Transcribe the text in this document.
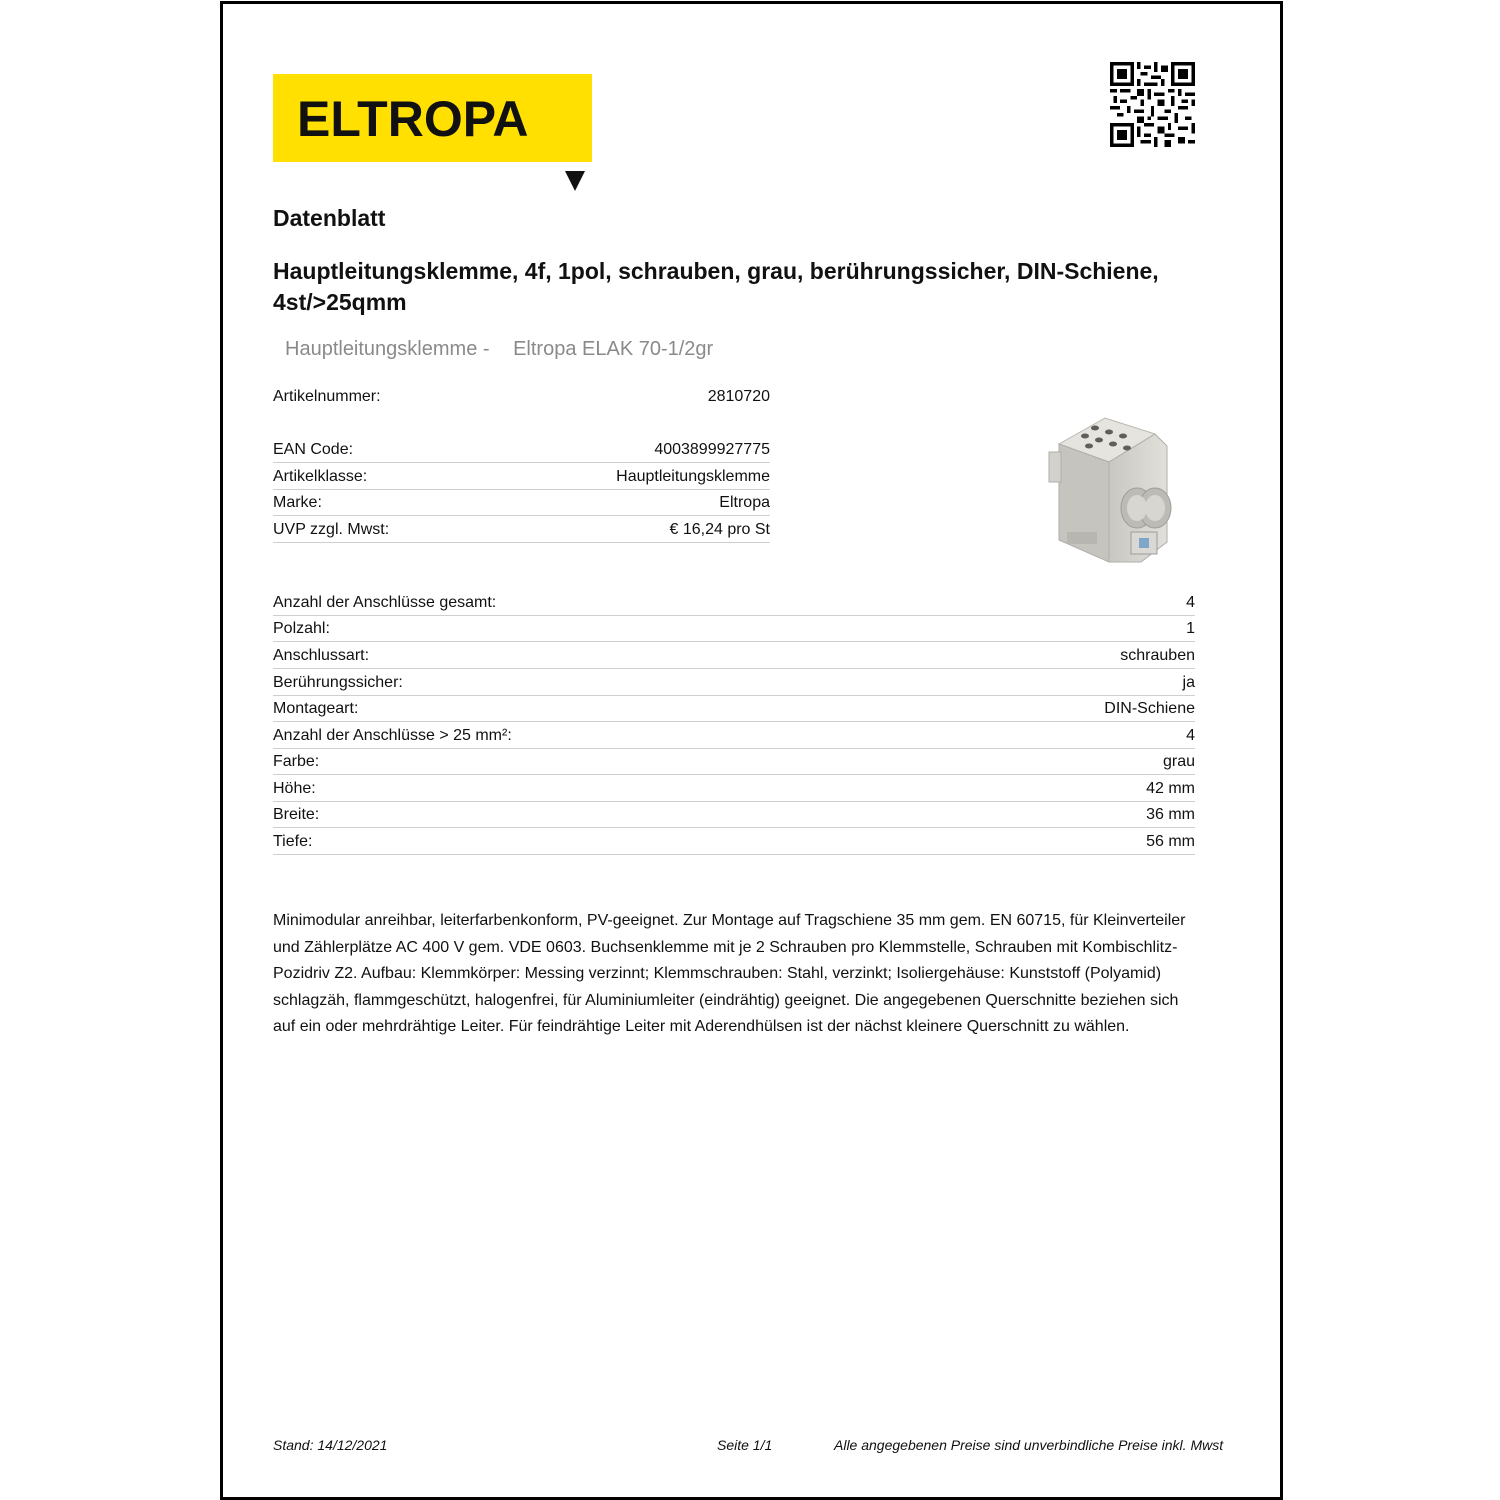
ELTROPA
Datenblatt
Hauptleitungsklemme, 4f, 1pol, schrauben, grau, berührungssicher, DIN-Schiene, 4st/>25qmm
Hauptleitungsklemme - Eltropa ELAK 70-1/2gr
Artikelnummer:	2810720
EAN Code:	4003899927775
Artikelklasse:	Hauptleitungsklemme
Marke:	Eltropa
UVP zzgl. Mwst:	€ 16,24 pro St
Anzahl der Anschlüsse gesamt:	4
Polzahl:	1
Anschlussart:	schrauben
Berührungssicher:	ja
Montageart:	DIN-Schiene
Anzahl der Anschlüsse > 25 mm²:	4
Farbe:	grau
Höhe:	42 mm
Breite:	36 mm
Tiefe:	56 mm
Minimodular anreihbar, leiterfarbenkonform, PV-geeignet. Zur Montage auf Tragschiene 35 mm gem. EN 60715, für Kleinverteiler und Zählerplätze AC 400 V gem. VDE 0603. Buchsenklemme mit je 2 Schrauben pro Klemmstelle, Schrauben mit Kombischlitz-Pozidriv Z2. Aufbau: Klemmkörper: Messing verzinnt; Klemmschrauben: Stahl, verzinkt; Isoliergehäuse: Kunststoff (Polyamid) schlagzäh, flammgeschützt, halogenfrei, für Aluminiumleiter (eindrähtig) geeignet. Die angegebenen Querschnitte beziehen sich auf ein oder mehrdrähtige Leiter. Für feindrähtige Leiter mit Aderendhülsen ist der nächst kleinere Querschnitt zu wählen.
Stand: 14/12/2021	Seite 1/1	Alle angegebenen Preise sind unverbindliche Preise inkl. Mwst
